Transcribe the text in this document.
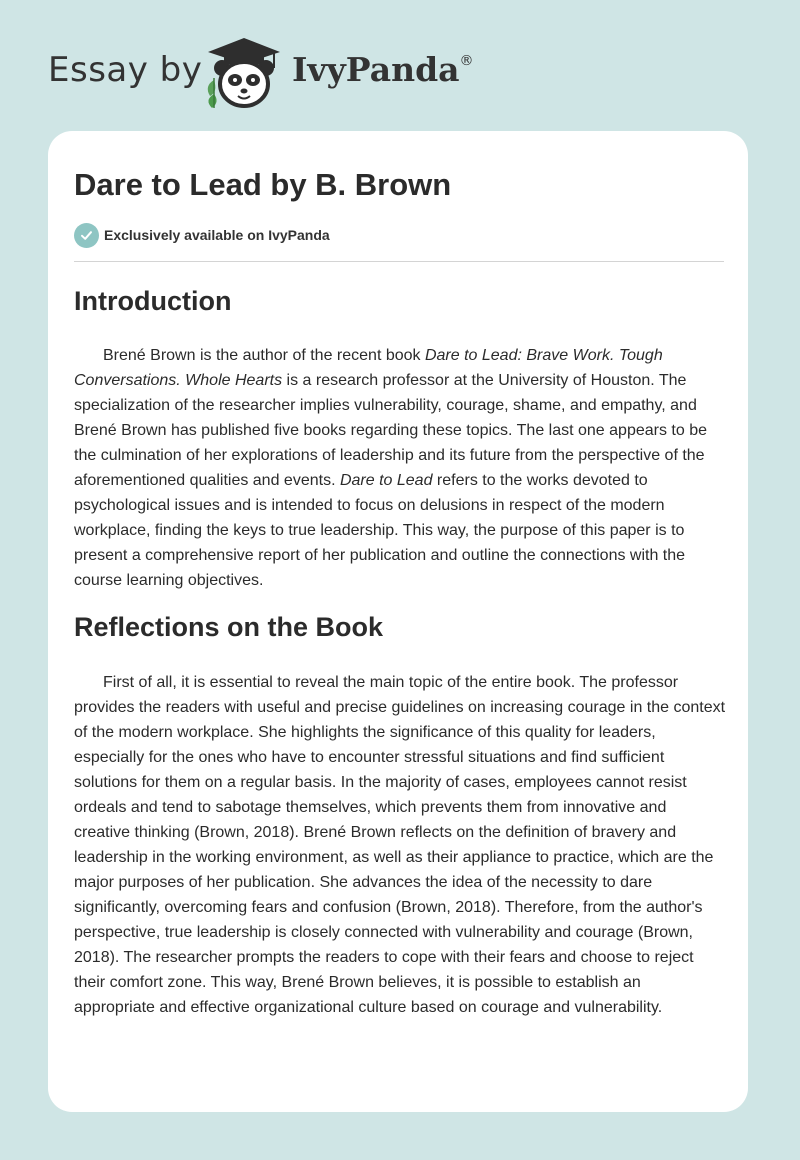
Essay by	IvyPanda®
Dare to Lead by B. Brown
Exclusively available on IvyPanda
Introduction

Brené Brown is the author of the recent book Dare to Lead: Brave Work. Tough Conversations. Whole Hearts is a research professor at the University of Houston. The specialization of the researcher implies vulnerability, courage, shame, and empathy, and Brené Brown has published five books regarding these topics. The last one appears to be the culmination of her explorations of leadership and its future from the perspective of the aforementioned qualities and events. Dare to Lead refers to the works devoted to psychological issues and is intended to focus on delusions in respect of the modern workplace, finding the keys to true leadership. This way, the purpose of this paper is to present a comprehensive report of her publication and outline the connections with the course learning objectives.

Reflections on the Book

First of all, it is essential to reveal the main topic of the entire book. The professor provides the readers with useful and precise guidelines on increasing courage in the context of the modern workplace. She highlights the significance of this quality for leaders, especially for the ones who have to encounter stressful situations and find sufficient solutions for them on a regular basis. In the majority of cases, employees cannot resist ordeals and tend to sabotage themselves, which prevents them from innovative and creative thinking (Brown, 2018). Brené Brown reflects on the definition of bravery and leadership in the working environment, as well as their appliance to practice, which are the major purposes of her publication. She advances the idea of the necessity to dare significantly, overcoming fears and confusion (Brown, 2018). Therefore, from the author's perspective, true leadership is closely connected with vulnerability and courage (Brown, 2018). The researcher prompts the readers to cope with their fears and choose to reject their comfort zone. This way, Brené Brown believes, it is possible to establish an appropriate and effective organizational culture based on courage and vulnerability.
